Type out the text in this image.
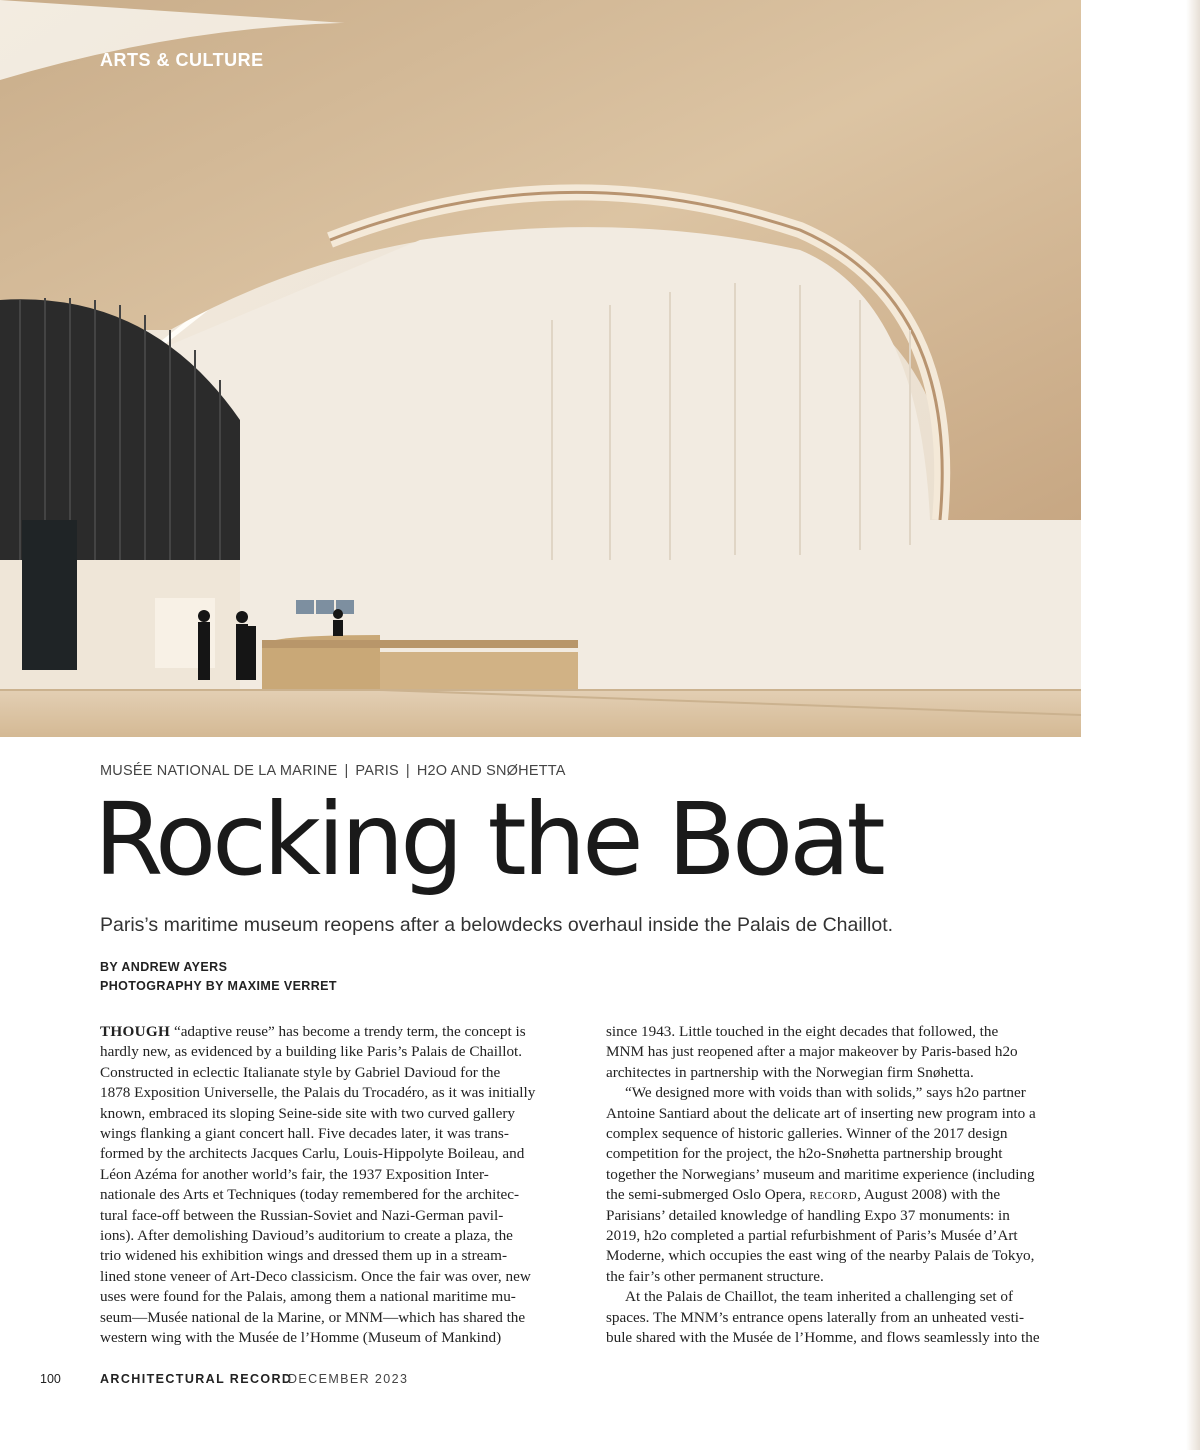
ARTS & CULTURE
MUSÉE NATIONAL DE LA MARINE | PARIS | H2O AND SNØHETTA
Rocking the Boat
Paris’s maritime museum reopens after a belowdecks overhaul inside the Palais de Chaillot.
BY ANDREW AYERS
PHOTOGRAPHY BY MAXIME VERRET

THOUGH “adaptive reuse” has become a trendy term, the concept is

hardly new, as evidenced by a building like Paris’s Palais de Chaillot.

Constructed in eclectic Italianate style by Gabriel Davioud for the

1878 Exposition Universelle, the Palais du Trocadéro, as it was initially

known, embraced its sloping Seine-side site with two curved gallery

wings flanking a giant concert hall. Five decades later, it was trans-

formed by the architects Jacques Carlu, Louis-Hippolyte Boileau, and

Léon Azéma for another world’s fair, the 1937 Exposition Inter-

nationale des Arts et Techniques (today remembered for the architec-

tural face-off between the Russian-Soviet and Nazi-German pavil-

ions). After demolishing Davioud’s auditorium to create a plaza, the

trio widened his exhibition wings and dressed them up in a stream-

lined stone veneer of Art-Deco classicism. Once the fair was over, new

uses were found for the Palais, among them a national maritime mu-

seum—Musée national de la Marine, or MNM—which has shared the

western wing with the Musée de l’Homme (Museum of Mankind)

since 1943. Little touched in the eight decades that followed, the

MNM has just reopened after a major makeover by Paris-based h2o

architectes in partnership with the Norwegian firm Snøhetta.

“We designed more with voids than with solids,” says h2o partner

Antoine Santiard about the delicate art of inserting new program into a

complex sequence of historic galleries. Winner of the 2017 design

competition for the project, the h2o-Snøhetta partnership brought

together the Norwegians’ museum and maritime experience (including

the semi-submerged Oslo Opera, record, August 2008) with the

Parisians’ detailed knowledge of handling Expo 37 monuments: in

2019, h2o completed a partial refurbishment of Paris’s Musée d’Art

Moderne, which occupies the east wing of the nearby Palais de Tokyo,

the fair’s other permanent structure.

At the Palais de Chaillot, the team inherited a challenging set of

spaces. The MNM’s entrance opens laterally from an unheated vesti-

bule shared with the Musée de l’Homme, and flows seamlessly into the

100	ARCHITECTURAL RECORD
DECEMBER 2023
